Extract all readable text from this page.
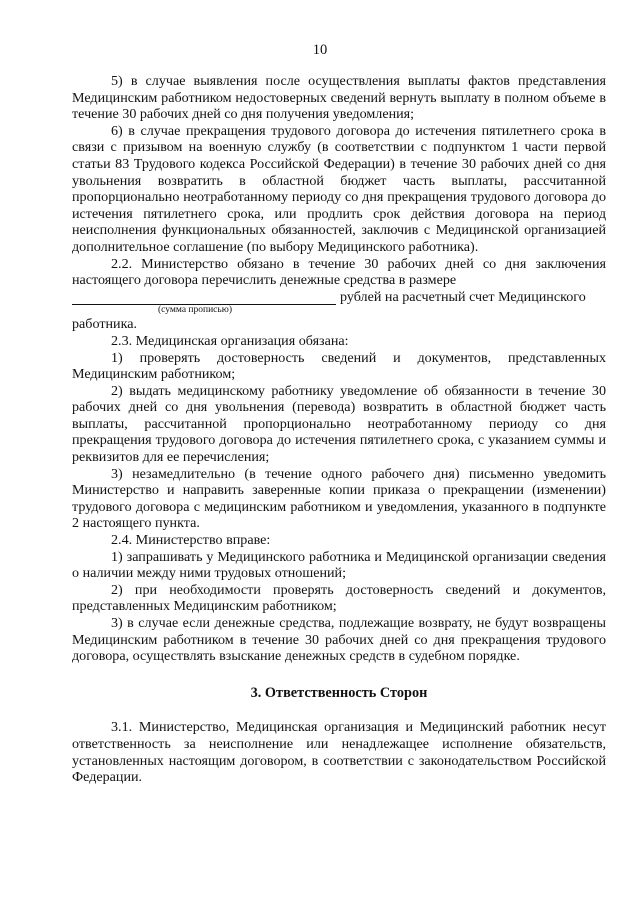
10

5) в случае выявления после осуществления выплаты фактов представления Медицинским работником недостоверных сведений вернуть выплату в полном объеме в течение 30 рабочих дней со дня получения уведомления;

6) в случае прекращения трудового договора до истечения пятилетнего срока в связи с призывом на военную службу (в соответствии с подпунктом 1 части первой статьи 83 Трудового кодекса Российской Федерации) в течение 30 рабочих дней со дня увольнения возвратить в областной бюджет часть выплаты, рассчитанной пропорционально неотработанному периоду со дня прекращения трудового договора до истечения пятилетнего срока, или продлить срок действия договора на период неисполнения функциональных обязанностей, заключив с Медицинской организацией дополнительное соглашение (по выбору Медицинского работника).

2.2. Министерство обязано в течение 30 рабочих дней со дня заключения настоящего договора перечислить денежные средства в размере

рублей на расчетный счет Медицинского
(сумма прописью)

работника.

2.3. Медицинская организация обязана:

1) проверять достоверность сведений и документов, представленных Медицинским работником;

2) выдать медицинскому работнику уведомление об обязанности в течение 30 рабочих дней со дня увольнения (перевода) возвратить в областной бюджет часть выплаты, рассчитанной пропорционально неотработанному периоду со дня прекращения трудового договора до истечения пятилетнего срока, с указанием суммы и реквизитов для ее перечисления;

3) незамедлительно (в течение одного рабочего дня) письменно уведомить Министерство и направить заверенные копии приказа о прекращении (изменении) трудового договора с медицинским работником и уведомления, указанного в подпункте 2 настоящего пункта.

2.4. Министерство вправе:

1) запрашивать у Медицинского работника и Медицинской организации сведения о наличии между ними трудовых отношений;

2) при необходимости проверять достоверность сведений и документов, представленных Медицинским работником;

3) в случае если денежные средства, подлежащие возврату, не будут возвращены Медицинским работником в течение 30 рабочих дней со дня прекращения трудового договора, осуществлять взыскание денежных средств в судебном порядке.

3. Ответственность Сторон

3.1. Министерство, Медицинская организация и Медицинский работник несут ответственность за неисполнение или ненадлежащее исполнение обязательств, установленных настоящим договором, в соответствии с законодательством Российской Федерации.
